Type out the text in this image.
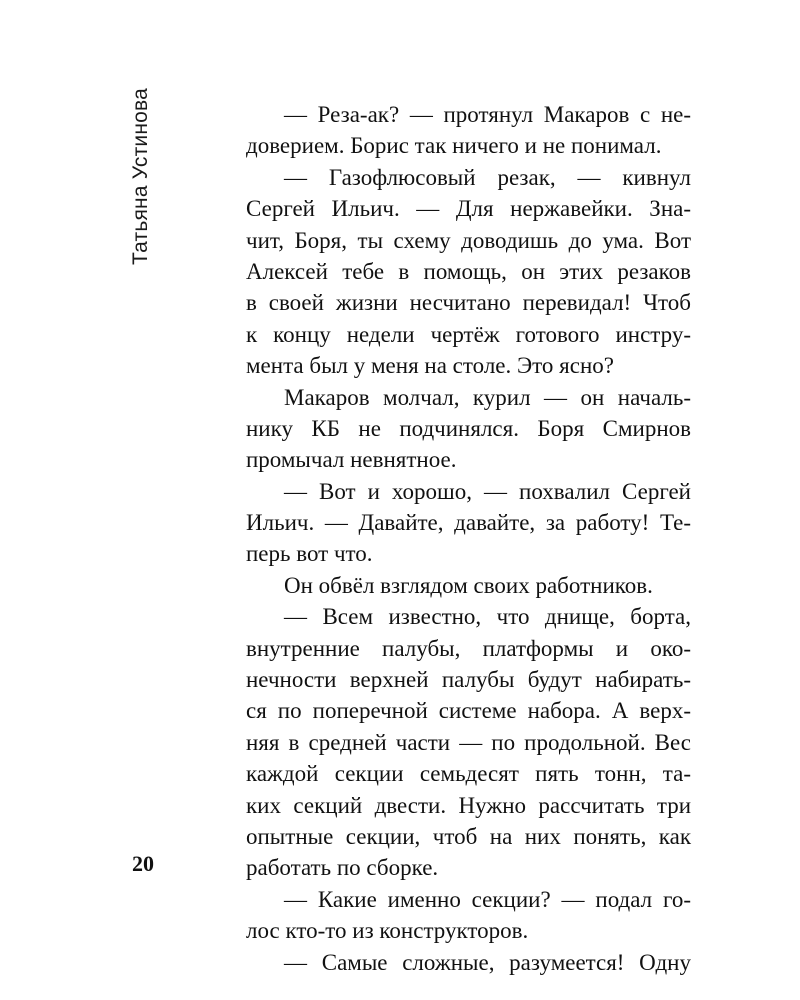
Татьяна Устинова	— Реза-ак? — протянул Макаров с не-
доверием. Борис так ничего и не понимал.
— Газофлюсовый резак, — кивнул
Сергей Ильич. — Для нержавейки. Зна-
чит, Боря, ты схему доводишь до ума. Вот
Алексей тебе в помощь, он этих резаков
в своей жизни несчитано перевидал! Чтоб
к концу недели чертёж готового инстру-
мента был у меня на столе. Это ясно?
Макаров молчал, курил — он началь-
нику КБ не подчинялся. Боря Смирнов
промычал невнятное.
— Вот и хорошо, — похвалил Сергей
Ильич. — Давайте, давайте, за работу! Те-
перь вот что.
Он обвёл взглядом своих работников.
— Всем известно, что днище, борта,
внутренние палубы, платформы и око-
нечности верхней палубы будут набирать-
ся по поперечной системе набора. А верх-
няя в средней части — по продольной. Вес
каждой секции семьдесят пять тонн, та-
ких секций двести. Нужно рассчитать три
опытные секции, чтоб на них понять, как
работать по сборке.
— Какие именно секции? — подал го-
лос кто-то из конструкторов.
— Самые сложные, разумеется! Одну
20
